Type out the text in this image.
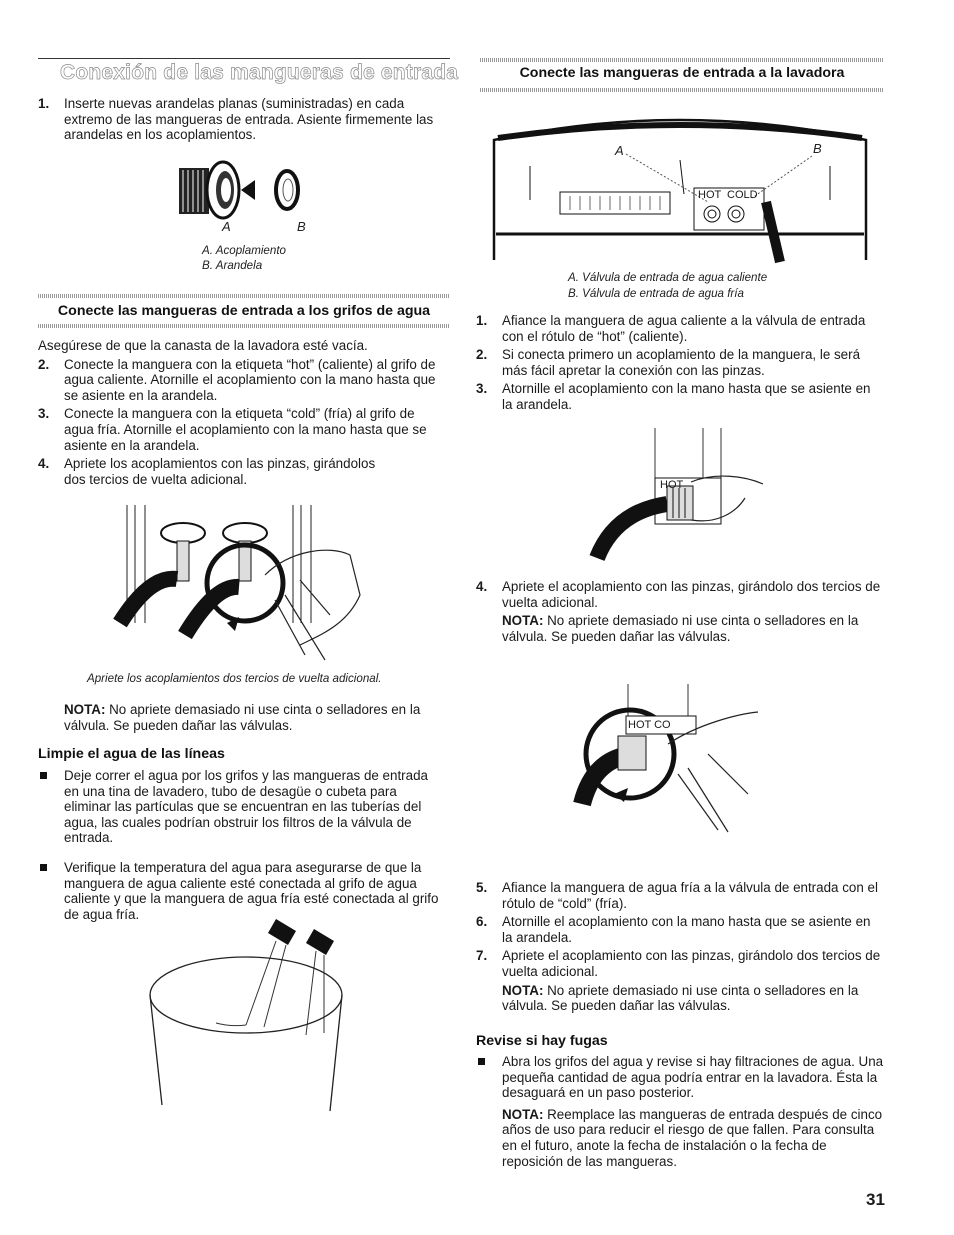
Conexión de las mangueras de entrada
1. Inserte nuevas arandelas planas (suministradas) en cada extremo de las mangueras de entrada. Asiente firmemente las arandelas en los acoplamientos.
A	B
A. Acoplamiento
B. Arandela
Conecte las mangueras de entrada a los grifos de agua

Asegúrese de que la canasta de la lavadora esté vacía.

2. Conecte la manguera con la etiqueta “hot” (caliente) al grifo de agua caliente. Atornille el acoplamiento con la mano hasta que se asiente en la arandela.
3. Conecte la manguera con la etiqueta “cold” (fría) al grifo de agua fría. Atornille el acoplamiento con la mano hasta que se asiente en la arandela.
4. Apriete los acoplamientos con las pinzas, girándolos dos tercios de vuelta adicional.
Apriete los acoplamientos dos tercios de vuelta adicional.

NOTA: No apriete demasiado ni use cinta o selladores en la válvula. Se pueden dañar las válvulas.

Limpie el agua de las líneas
Deje correr el agua por los grifos y las mangueras de entrada en una tina de lavadero, tubo de desagüe o cubeta para eliminar las partículas que se encuentran en las tuberías del agua, las cuales podrían obstruir los filtros de la válvula de entrada.
Verifique la temperatura del agua para asegurarse de que la manguera de agua caliente esté conectada al grifo de agua caliente y que la manguera de agua fría esté conectada al grifo de agua fría.
Conecte las mangueras de entrada a la lavadora
A	B
HOT COLD
A. Válvula de entrada de agua caliente
B. Válvula de entrada de agua fría
1. Afiance la manguera de agua caliente a la válvula de entrada con el rótulo de “hot” (caliente).
2. Si conecta primero un acoplamiento de la manguera, le será más fácil apretar la conexión con las pinzas.
3. Atornille el acoplamiento con la mano hasta que se asiente en la arandela.
HOT
4. Apriete el acoplamiento con las pinzas, girándolo dos tercios de vuelta adicional.

NOTA: No apriete demasiado ni use cinta o selladores en la válvula. Se pueden dañar las válvulas.

HOT CO
5. Afiance la manguera de agua fría a la válvula de entrada con el rótulo de “cold” (fría).
6. Atornille el acoplamiento con la mano hasta que se asiente en la arandela.
7. Apriete el acoplamiento con las pinzas, girándolo dos tercios de vuelta adicional.

NOTA: No apriete demasiado ni use cinta o selladores en la válvula. Se pueden dañar las válvulas.

Revise si hay fugas
Abra los grifos del agua y revise si hay filtraciones de agua. Una pequeña cantidad de agua podría entrar en la lavadora. Ésta la desaguará en un paso posterior.

NOTA: Reemplace las mangueras de entrada después de cinco años de uso para reducir el riesgo de que fallen. Para consulta en el futuro, anote la fecha de instalación o la fecha de reposición de las mangueras.

31
